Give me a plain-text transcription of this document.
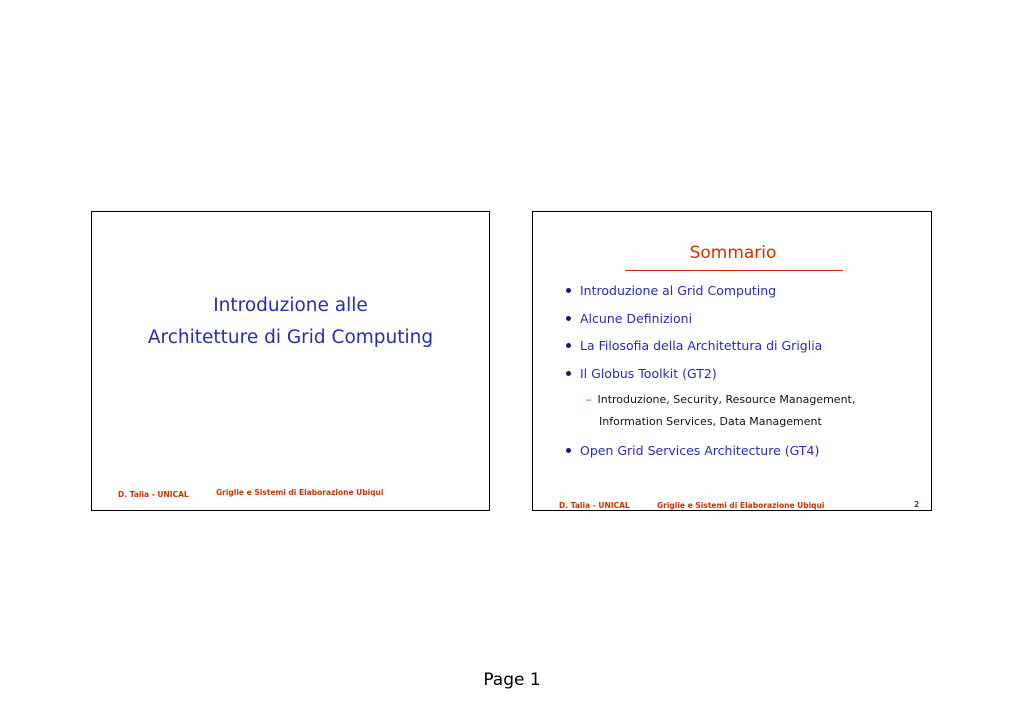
Introduzione alle
Architetture di Grid Computing
D. Talia - UNICAL	Griglie e Sistemi di Elaborazione Ubiqui
Sommario
Introduzione al Grid Computing
Alcune Definizioni
La Filosofia della Architettura di Griglia
Il Globus Toolkit (GT2)
– Introduzione, Security, Resource Management,
Information Services, Data Management
Open Grid Services Architecture (GT4)
D. Talia - UNICAL	Griglie e Sistemi di Elaborazione Ubiqui	2
Page 1
